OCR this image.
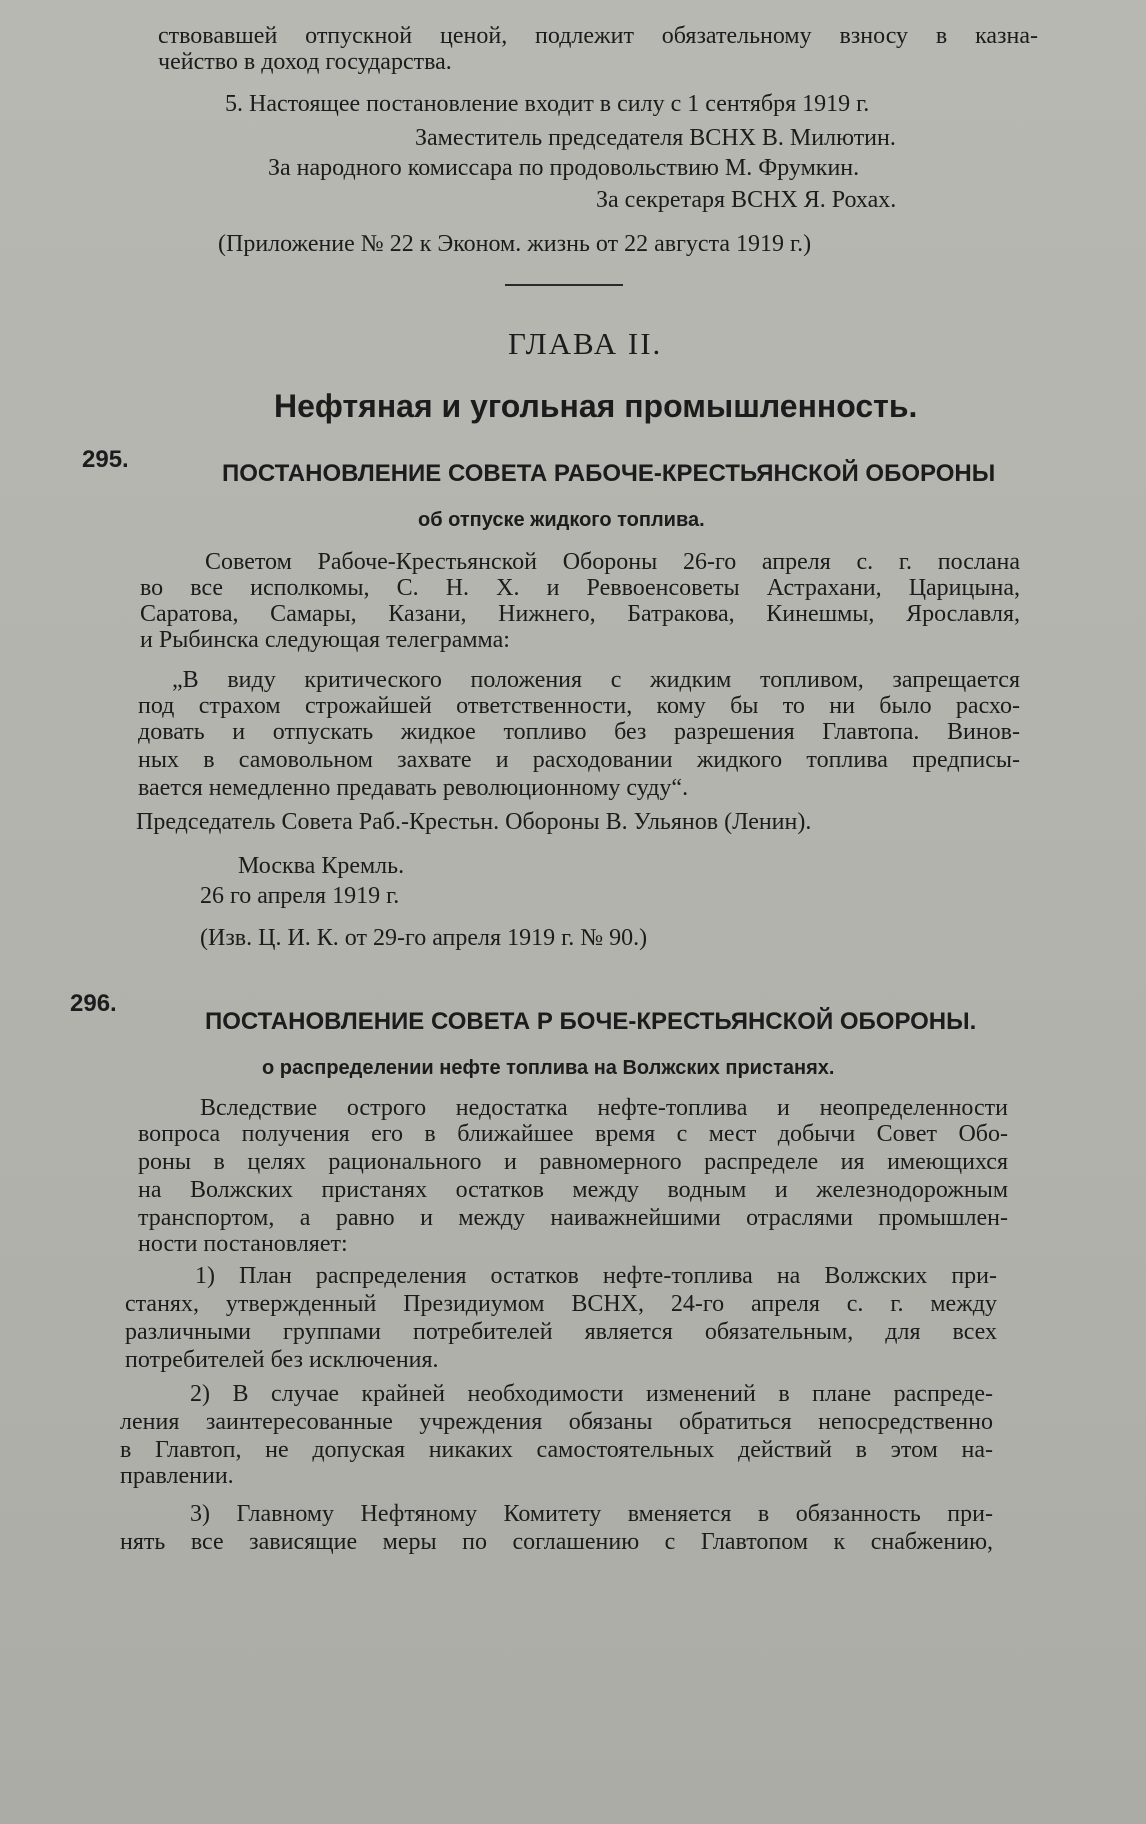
ствовавшей отпускной ценой, подлежит обязательному взносу в казна-
чейство в доход государства.
5. Настоящее постановление входит в силу с 1 сентября 1919 г.
Заместитель председателя ВСНХ В. Милютин.
За народного комиссара по продовольствию М. Фрумкин.
За секретаря ВСНХ Я. Рохах.
(Приложение № 22 к Эконом. жизнь от 22 августа 1919 г.)
ГЛАВА II.
Нефтяная и угольная промышленность.
295.
ПОСТАНОВЛЕНИЕ СОВЕТА РАБОЧЕ-КРЕСТЬЯНСКОЙ ОБОРОНЫ
об отпуске жидкого топлива.
Советом Рабоче-Крестьянской Обороны 26-го апреля с. г. послана
во все исполкомы, С. Н. Х. и Реввоенсоветы Астрахани, Царицына,
Саратова, Самары, Казани, Нижнего, Батракова, Кинешмы, Ярославля,
и Рыбинска следующая телеграмма:
„В виду критического положения с жидким топливом, запрещается
под страхом строжайшей ответственности, кому бы то ни было расхо-
довать и отпускать жидкое топливо без разрешения Главтопа. Винов-
ных в самовольном захвате и расходовании жидкого топлива предписы-
вается немедленно предавать революционному суду“.
Председатель Совета Раб.-Крестьн. Обороны В. Ульянов (Ленин).
Москва Кремль.
26 го апреля 1919 г.
(Изв. Ц. И. К. от 29-го апреля 1919 г. № 90.)
296.
ПОСТАНОВЛЕНИЕ СОВЕТА Р БОЧЕ-КРЕСТЬЯНСКОЙ ОБОРОНЫ.
о распределении нефте топлива на Волжских пристанях.
Вследствие острого недостатка нефте-топлива и неопределенности
вопроса получения его в ближайшее время с мест добычи Совет Обо-
роны в целях рационального и равномерного распределе ия имеющихся
на Волжских пристанях остатков между водным и железнодорожным
транспортом, а равно и между наиважнейшими отраслями промышлен-
ности постановляет:
1) План распределения остатков нефте-топлива на Волжских при-
станях, утвержденный Президиумом ВСНХ, 24-го апреля с. г. между
различными группами потребителей является обязательным, для всех
потребителей без исключения.
2) В случае крайней необходимости изменений в плане распреде-
ления заинтересованные учреждения обязаны обратиться непосредственно
в Главтоп, не допуская никаких самостоятельных действий в этом на-
правлении.
3) Главному Нефтяному Комитету вменяется в обязанность при-
нять все зависящие меры по соглашению с Главтопом к снабжению,
